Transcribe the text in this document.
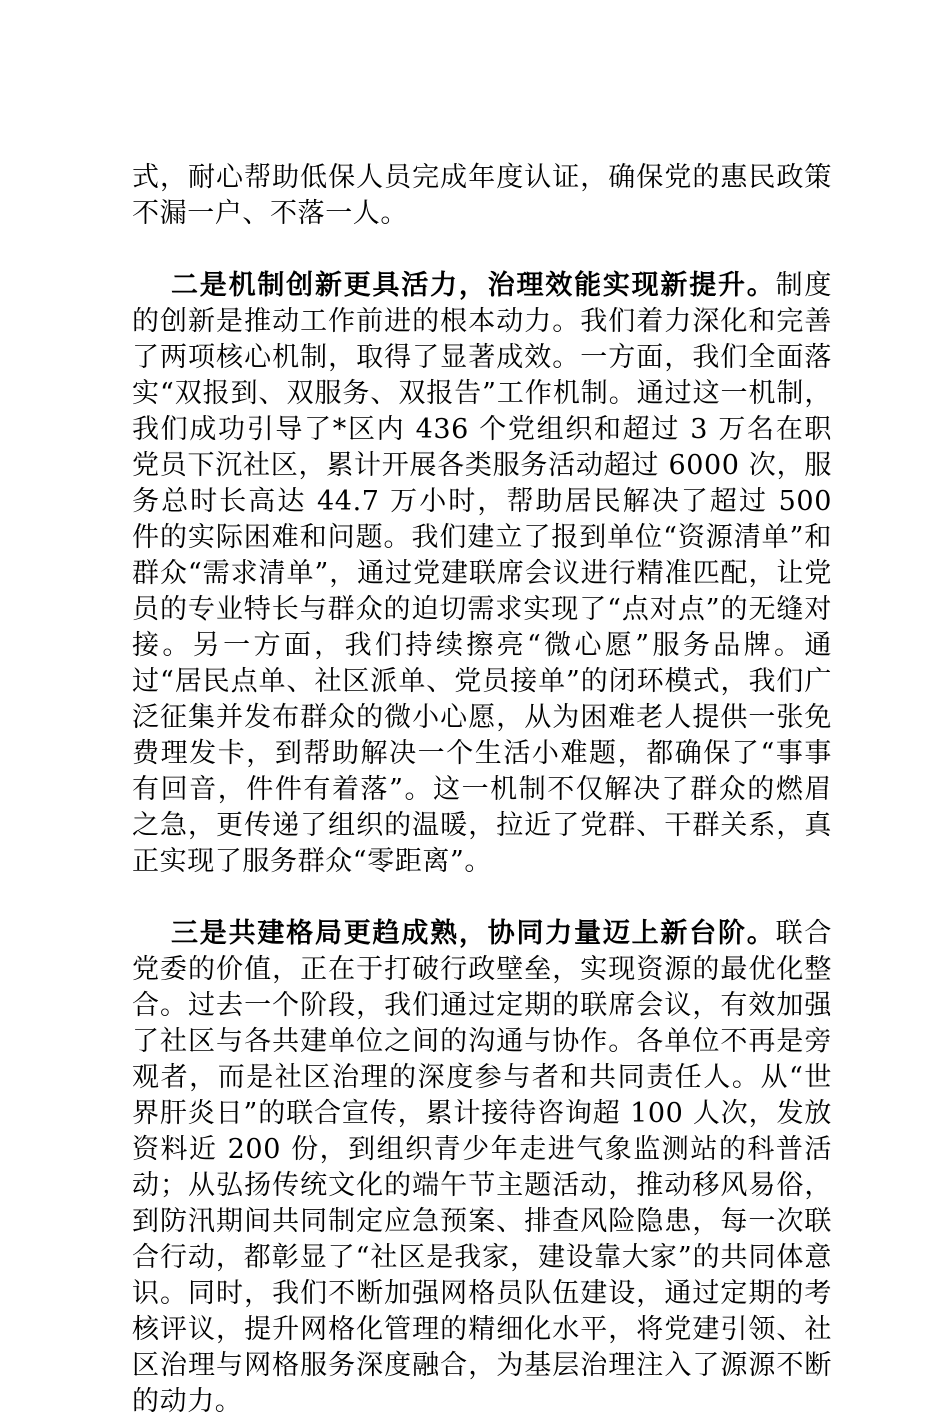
式，耐心帮助低保人员完成年度认证，确保党的惠民政策不漏一户、不落一人。

二是机制创新更具活力，治理效能实现新提升。制度的创新是推动工作前进的根本动力。我们着力深化和完善了两项核心机制，取得了显著成效。一方面，我们全面落实“双报到、双服务、双报告”工作机制。通过这一机制，我们成功引导了*区内 436 个党组织和超过 3 万名在职党员下沉社区，累计开展各类服务活动超过 6000 次，服务总时长高达 44.7 万小时，帮助居民解决了超过 500 件的实际困难和问题。我们建立了报到单位“资源清单”和群众“需求清单”，通过党建联席会议进行精准匹配，让党员的专业特长与群众的迫切需求实现了“点对点”的无缝对接。另一方面，我们持续擦亮“微心愿”服务品牌。通过“居民点单、社区派单、党员接单”的闭环模式，我们广泛征集并发布群众的微小心愿，从为困难老人提供一张免费理发卡，到帮助解决一个生活小难题，都确保了“事事有回音，件件有着落”。这一机制不仅解决了群众的燃眉之急，更传递了组织的温暖，拉近了党群、干群关系，真正实现了服务群众“零距离”。

三是共建格局更趋成熟，协同力量迈上新台阶。联合党委的价值，正在于打破行政壁垒，实现资源的最优化整合。过去一个阶段，我们通过定期的联席会议，有效加强了社区与各共建单位之间的沟通与协作。各单位不再是旁观者，而是社区治理的深度参与者和共同责任人。从“世界肝炎日”的联合宣传，累计接待咨询超 100 人次，发放资料近 200 份，到组织青少年走进气象监测站的科普活动；从弘扬传统文化的端午节主题活动，推动移风易俗，到防汛期间共同制定应急预案、排查风险隐患，每一次联合行动，都彰显了“社区是我家，建设靠大家”的共同体意识。同时，我们不断加强网格员队伍建设，通过定期的考核评议，提升网格化管理的精细化水平，将党建引领、社区治理与网格服务深度融合，为基层治理注入了源源不断的动力。
